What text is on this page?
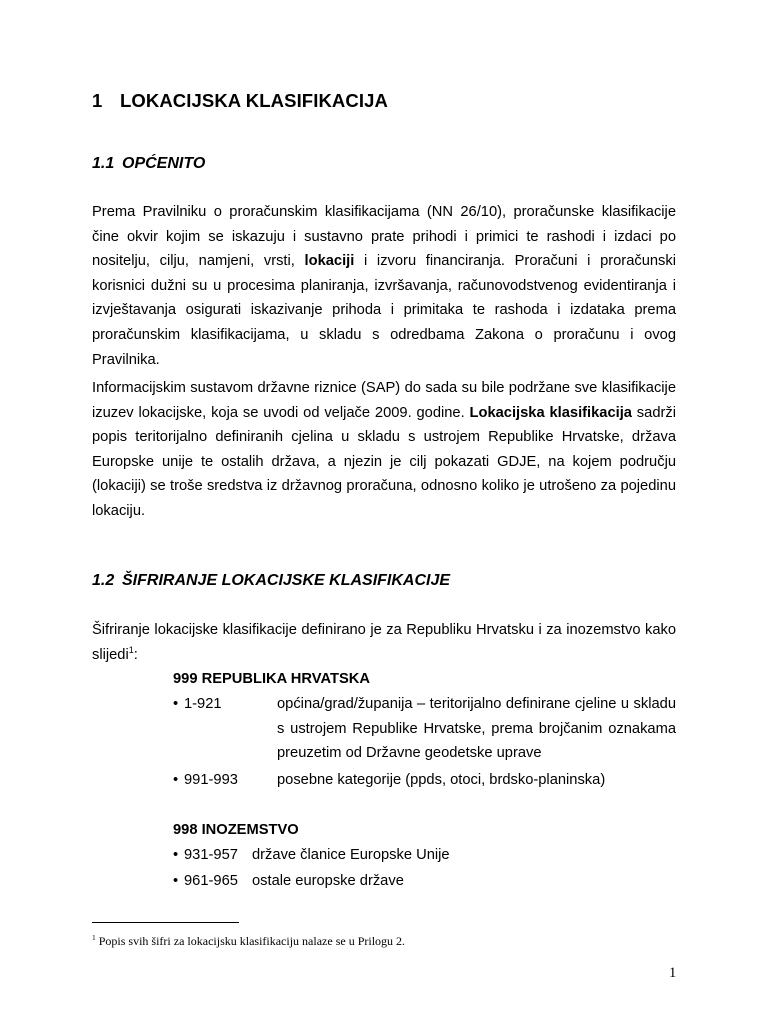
1 LOKACIJSKA KLASIFIKACIJA
1.1 OPĆENITO

Prema Pravilniku o proračunskim klasifikacijama (NN 26/10), proračunske klasifikacije čine okvir kojim se iskazuju i sustavno prate prihodi i primici te rashodi i izdaci po nositelju, cilju, namjeni, vrsti, lokaciji i izvoru financiranja. Proračuni i proračunski korisnici dužni su u procesima planiranja, izvršavanja, računovodstvenog evidentiranja i izvještavanja osigurati iskazivanje prihoda i primitaka te rashoda i izdataka prema proračunskim klasifikacijama, u skladu s odredbama Zakona o proračunu i ovog Pravilnika.

Informacijskim sustavom državne riznice (SAP) do sada su bile podržane sve klasifikacije izuzev lokacijske, koja se uvodi od veljače 2009. godine. Lokacijska klasifikacija sadrži popis teritorijalno definiranih cjelina u skladu s ustrojem Republike Hrvatske, država Europske unije te ostalih država, a njezin je cilj pokazati GDJE, na kojem području (lokaciji) se troše sredstva iz državnog proračuna, odnosno koliko je utrošeno za pojedinu lokaciju.

1.2 ŠIFRIRANJE LOKACIJSKE KLASIFIKACIJE

Šifriranje lokacijske klasifikacije definirano je za Republiku Hrvatsku i za inozemstvo kako slijedi$^1$:

999 REPUBLIKA HRVATSKA
• 1-921	općina/grad/županija – teritorijalno definirane cjeline u skladu s ustrojem Republike Hrvatske, prema brojčanim oznakama preuzetim od Državne geodetske uprave
• 991-993	posebne kategorije (ppds, otoci, brdsko-planinska)
998 INOZEMSTVO
• 931-957 države članice Europske Unije
• 961-965 ostale europske države
$^1$ Popis svih šifri za lokacijsku klasifikaciju nalaze se u Prilogu 2.
1
